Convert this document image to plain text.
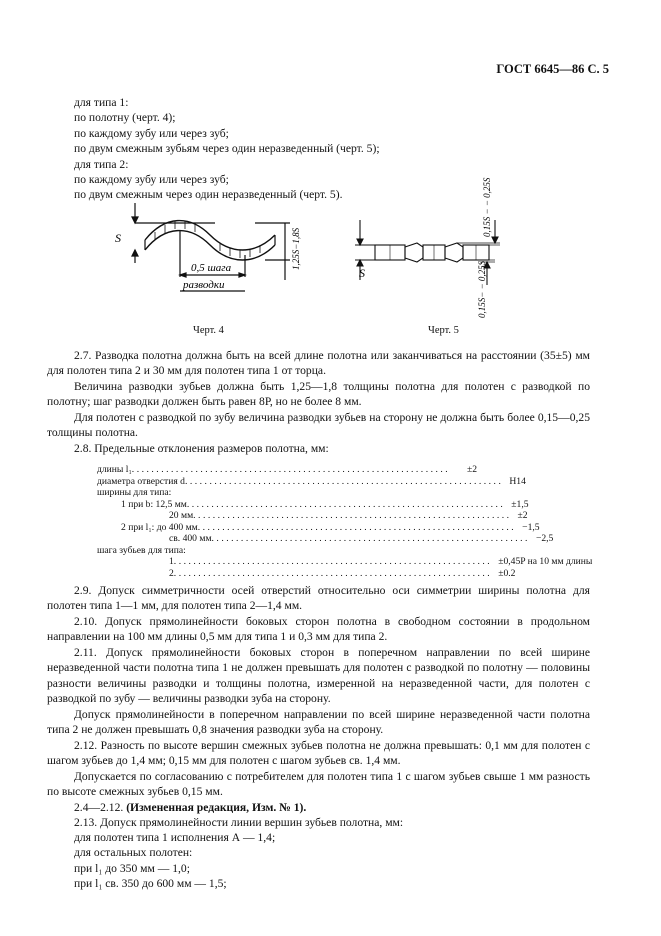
ГОСТ 6645—86 С. 5
для типа 1:
по полотну (черт. 4);
по каждому зубу или через зуб;
по двум смежным зубьям через один неразведенный (черт. 5);
для типа 2:
по каждому зубу или через зуб;
по двум смежным через один неразведенный (черт. 5).
S	1,25S−1,8S
0,5 шага
разводки
Черт. 4
S
0,15S − − 0,25S
0,15S− − 0,25S
Черт. 5
2.7. Разводка полотна должна быть на всей длине полотна или заканчиваться на расстоянии (35±5) мм для полотен типа 2 и 30 мм для полотен типа 1 от торца.
Величина разводки зубьев должна быть 1,25—1,8 толщины полотна для полотен с разводкой по полотну; шаг разводки должен быть равен 8Р, но не более 8 мм.
Для полотен с разводкой по зубу величина разводки зубьев на сторону не должна быть более 0,15—0,25 толщины полотна.
2.8. Предельные отклонения размеров полотна, мм:
длины l₁ .................................................................	±2
диаметра отверстия d ................................................................. H14
ширины для типа:
1 при b: 12,5 мм ................................................................. ±1,5
20 мм ................................................................. ±2
2 при l₁: до 400 мм ................................................................. −1,5
св. 400 мм ................................................................. −2,5
шага зубьев для типа:
1 ................................................................. ±0,45P на 10 мм длины
2 ................................................................. ±0.2
2.9. Допуск симметричности осей отверстий относительно оси симметрии ширины полотна для полотен типа 1—1 мм, для полотен типа 2—1,4 мм.
2.10. Допуск прямолинейности боковых сторон полотна в свободном состоянии в продольном направлении на 100 мм длины 0,5 мм для типа 1 и 0,3 мм для типа 2.
2.11. Допуск прямолинейности боковых сторон в поперечном направлении по всей ширине неразведенной части полотна типа 1 не должен превышать для полотен с разводкой по полотну — половины разности величины разводки и толщины полотна, измеренной на неразведенной части, для полотен с разводкой по зубу — величины разводки зуба на сторону.
Допуск прямолинейности в поперечном направлении по всей ширине неразведенной части полотна типа 2 не должен превышать 0,8 значения разводки зуба на сторону.
2.12. Разность по высоте вершин смежных зубьев полотна не должна превышать: 0,1 мм для полотен с шагом зубьев до 1,4 мм; 0,15 мм для полотен с шагом зубьев св. 1,4 мм.
Допускается по согласованию с потребителем для полотен типа 1 с шагом зубьев свыше 1 мм разность по высоте смежных зубьев 0,15 мм.
2.4—2.12. (Измененная редакция, Изм. № 1).
2.13. Допуск прямолинейности линии вершин зубьев полотна, мм:
для полотен типа 1 исполнения А — 1,4;
для остальных полотен:
при l₁ до 350 мм — 1,0;
при l₁ св. 350 до 600 мм — 1,5;
